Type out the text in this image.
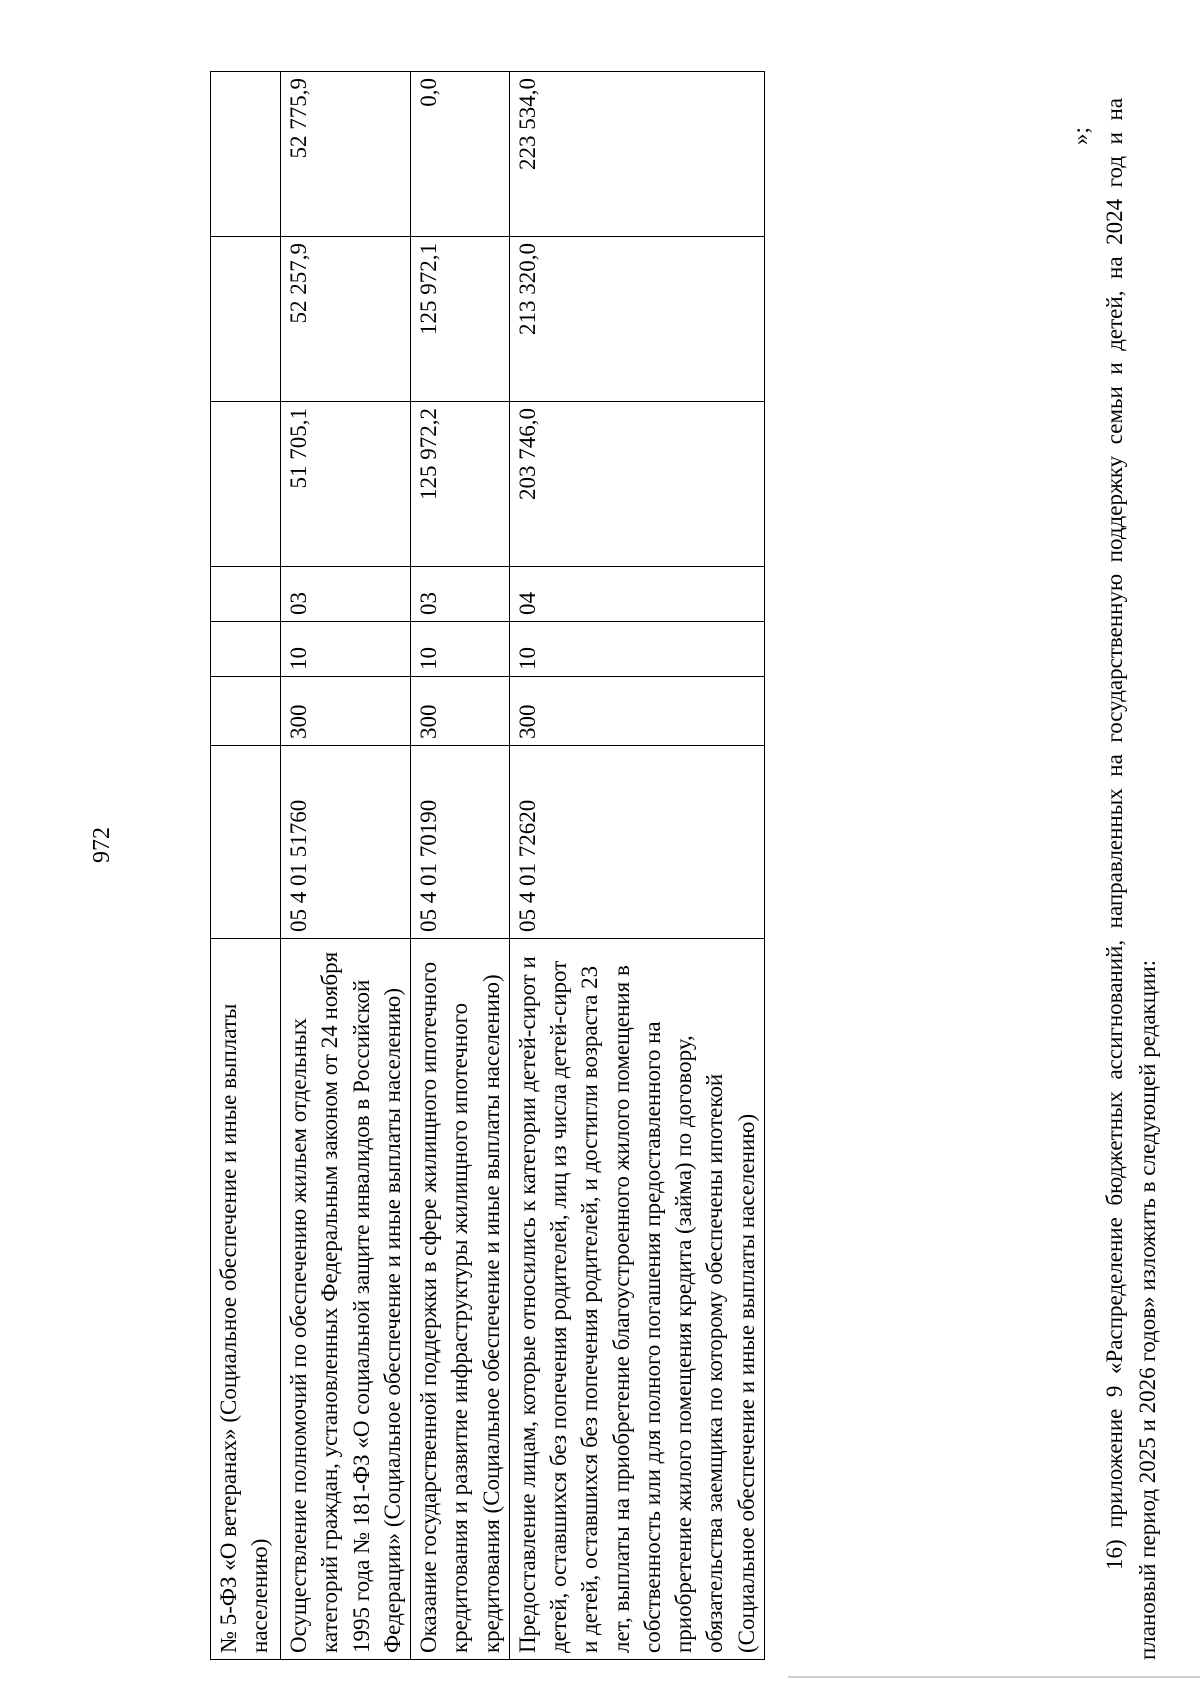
972
№ 5-ФЗ «О ветеранах» (Социальное обеспечение и иные выплаты населению)							
Осуществление полномочий по обеспечению жильем отдельных категорий граждан, установленных Федеральным законом от 24 ноября 1995 года № 181-ФЗ «О социальной защите инвалидов в Российской Федерации» (Социальное обеспечение и иные выплаты населению)	05 4 01 51760	300	10	03	51 705,1	52 257,9	52 775,9
Оказание государственной поддержки в сфере жилищного ипотечного кредитования и развитие инфраструктуры жилищного ипотечного кредитования (Социальное обеспечение и иные выплаты населению)	05 4 01 70190	300	10	03	125 972,2	125 972,1	0,0
Предоставление лицам, которые относились к категории детей-сирот и детей, оставшихся без попечения родителей, лиц из числа детей-сирот и детей, оставшихся без попечения родителей, и достигли возраста 23 лет, выплаты на приобретение благоустроенного жилого помещения в собственность или для полного погашения предоставленного на приобретение жилого помещения кредита (займа) по договору, обязательства заемщика по которому обеспечены ипотекой (Социальное обеспечение и иные выплаты населению)	05 4 01 72620	300	10	04	203 746,0	213 320,0	223 534,0	»; 16) приложение 9 «Распределение бюджетных ассигнований, направленных на государственную поддержку семьи и детей, на 2024 год и на плановый период 2025 и 2026 годов» изложить в следующей редакции:
